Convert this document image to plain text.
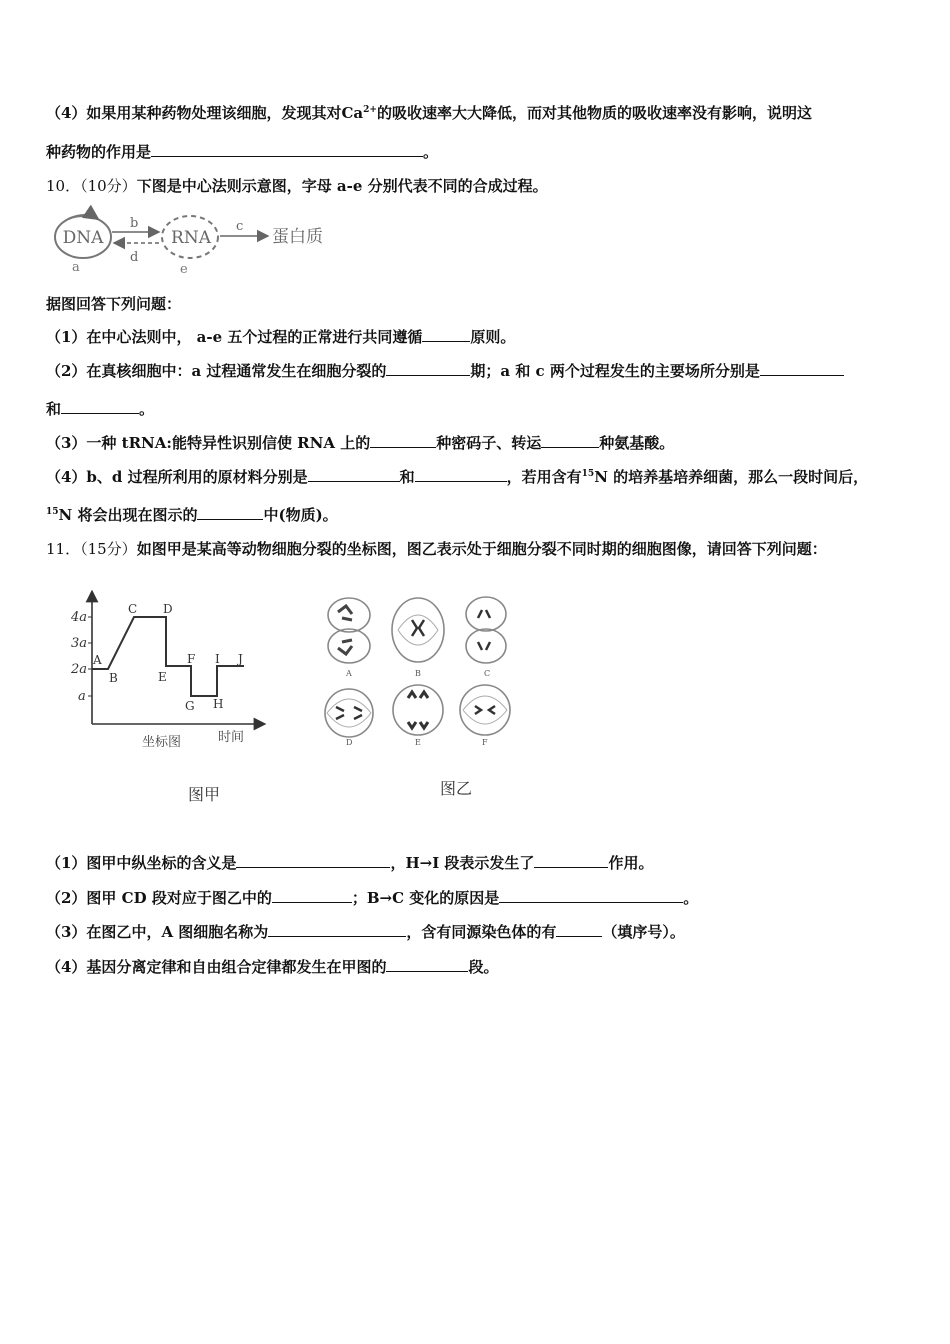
（4）如果用某种药物处理该细胞，发现其对$Ca^{2+}$的吸收速率大大降低，而对其他物质的吸收速率没有影响，说明这
种药物的作用是	。
10．（10分）下图是中心法则示意图，字母 a-e 分别代表不同的合成过程。
DNA
a
b
d
RNA
e
c
蛋白质
据图回答下列问题：
（1）在中心法则中， a-e 五个过程的正常进行共同遵循	原则。
（2）在真核细胞中：a 过程通常发生在细胞分裂的	期；a 和 c 两个过程发生的主要场所分别是
和	。
（3）一种 tRNA:能特异性识别信使 RNA 上的	种密码子、转运	种氨基酸。
（4）b、d 过程所利用的原材料分别是	和	，若用含有$^{15}$N 的培养基培养细菌，那么一段时间后，
$^{15}$N 将会出现在图示的	中(物质)。
11．（15分）如图甲是某高等动物细胞分裂的坐标图，图乙表示处于细胞分裂不同时期的细胞图像，请回答下列问题：
4a
3a
2a
a
A
B
C D
E
F
G H
I J
坐标图	时间
图甲
A	B	C
D	E	F
图乙
（1）图甲中纵坐标的含义是	，H→I 段表示发生了	作用。
（2）图甲 CD 段对应于图乙中的	；B→C 变化的原因是	。
（3）在图乙中，A 图细胞名称为	，含有同源染色体的有	（填序号）。
（4）基因分离定律和自由组合定律都发生在甲图的	段。
